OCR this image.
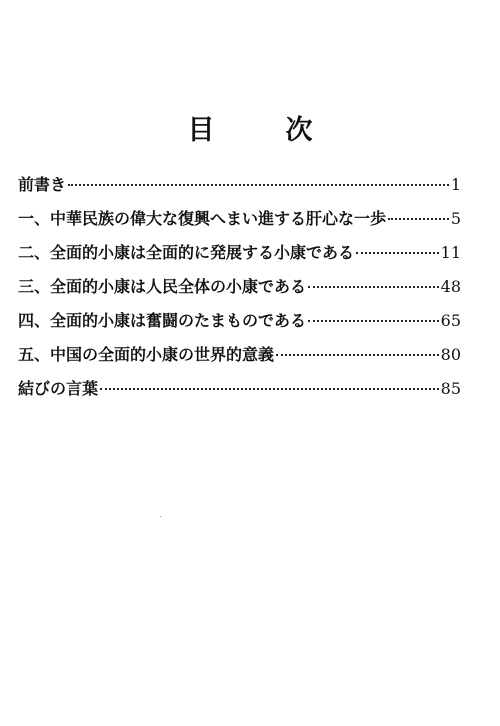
目　次
前書き	1
一、中華民族の偉大な復興へまい進する肝心な一歩	5
二、全面的小康は全面的に発展する小康である	11
三、全面的小康は人民全体の小康である	48
四、全面的小康は奮闘のたまものである	65
五、中国の全面的小康の世界的意義	80
結びの言葉	85
